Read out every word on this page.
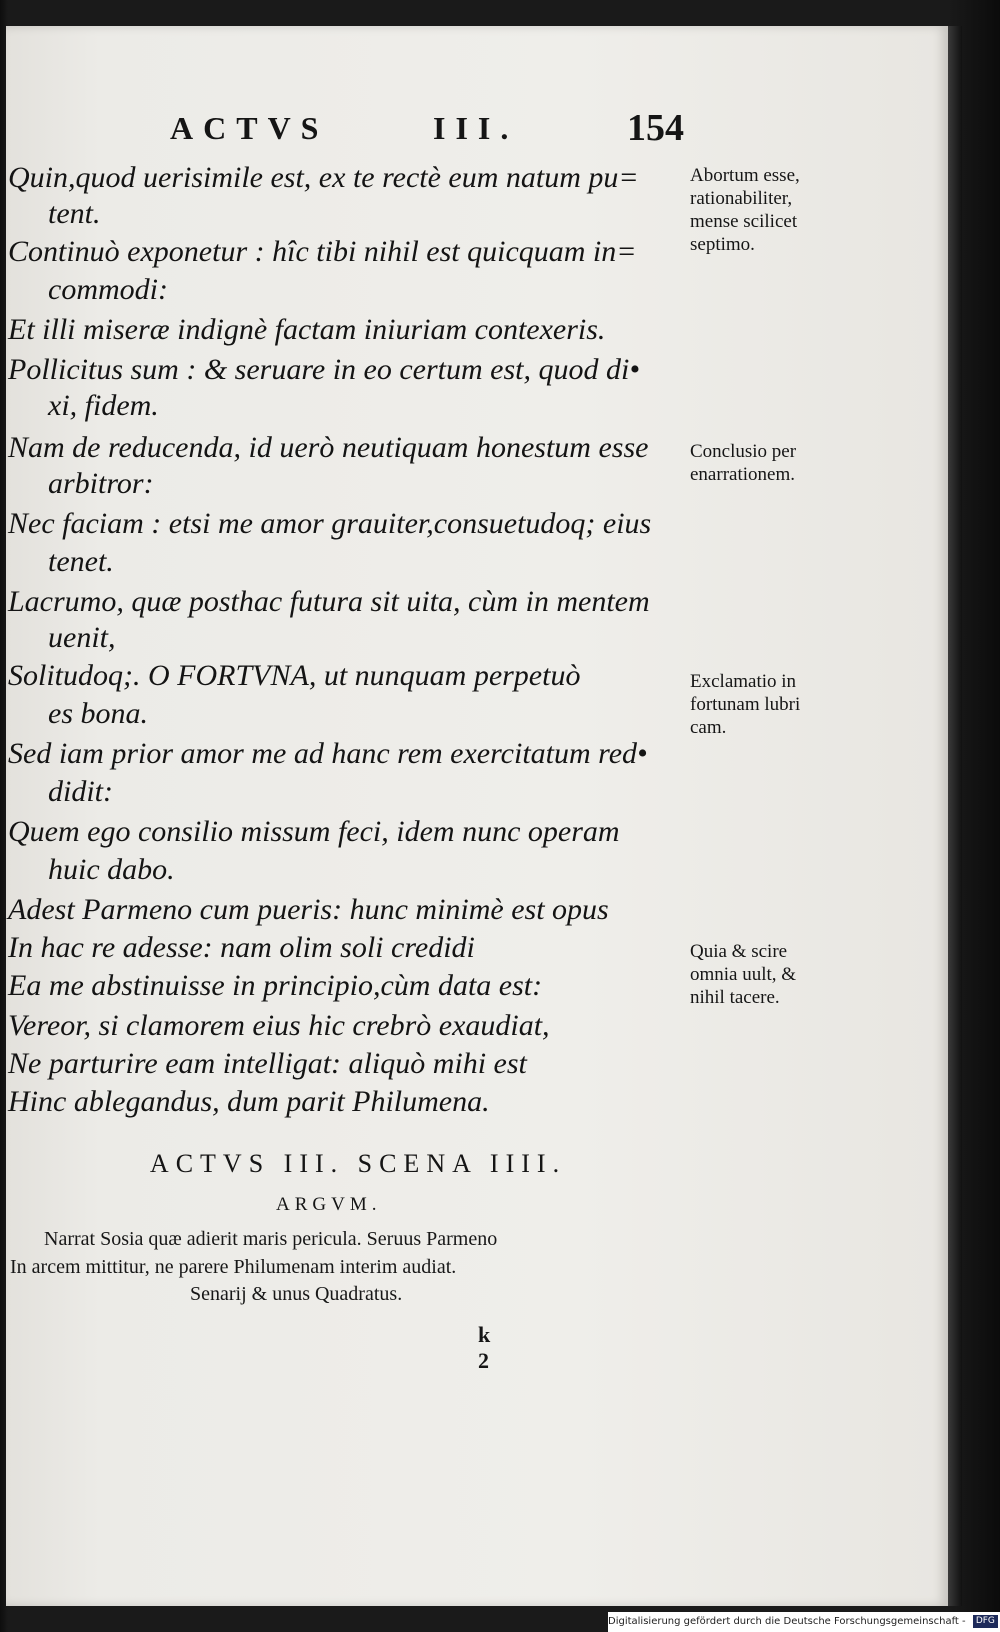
ACTVS	III.	154
Quin,quod uerisimile est, ex te rectè eum natum pu=
tent.
Continuò exponetur : hîc tibi nihil est quicquam in=
commodi:
Et illi miseræ indignè factam iniuriam contexeris.
Pollicitus sum : & seruare in eo certum est, quod di•
xi, fidem.
Nam de reducenda, id uerò neutiquam honestum esse
arbitror:
Nec faciam : etsi me amor grauiter,consuetudoq; eius
tenet.
Lacrumo, quæ posthac futura sit uita, cùm in mentem
uenit,
Solitudoq;. O FORTVNA, ut nunquam perpetuò
es bona.
Sed iam prior amor me ad hanc rem exercitatum red•
didit:
Quem ego consilio missum feci, idem nunc operam
huic dabo.
Adest Parmeno cum pueris: hunc minimè est opus
In hac re adesse: nam olim soli credidi
Ea me abstinuisse in principio,cùm data est:
Vereor, si clamorem eius hic crebrò exaudiat,
Ne parturire eam intelligat: aliquò mihi est
Hinc ablegandus, dum parit Philumena.
Abortum esse,
rationabiliter,
mense scilicet
septimo.
Conclusio per
enarrationem.
Exclamatio in
fortunam lubri
cam.
Quia & scire
omnia uult, &
nihil tacere.
ACTVS III. SCENA IIII.
ARGVM.
Narrat Sosia quæ adierit maris pericula. Seruus Parmeno
In arcem mittitur, ne parere Philumenam interim audiat.
Senarij & unus Quadratus.
k 2
Digitalisierung gefördert durch die Deutsche Forschungsgemeinschaft - DFG
